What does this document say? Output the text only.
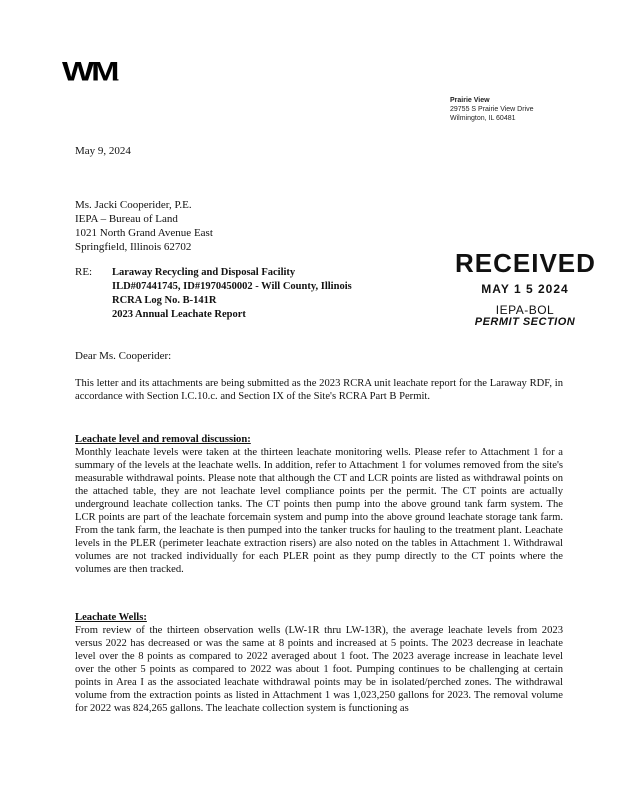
WM.
Prairie View
29755 S Prairie View Drive
Wilmington, IL 60481
May 9, 2024
Ms. Jacki Cooperider, P.E.
IEPA – Bureau of Land
1021 North Grand Avenue East
Springfield, Illinois 62702
RE: Laraway Recycling and Disposal Facility
ILD#07441745, ID#1970450002 - Will County, Illinois
RCRA Log No. B-141R
2023 Annual Leachate Report
RECEIVED
MAY 1 5 2024
IEPA-BOL
PERMIT SECTION
Dear Ms. Cooperider:
This letter and its attachments are being submitted as the 2023 RCRA unit leachate report for the Laraway RDF, in accordance with Section I.C.10.c. and Section IX of the Site's RCRA Part B Permit.
Leachate level and removal discussion:
Monthly leachate levels were taken at the thirteen leachate monitoring wells. Please refer to Attachment 1 for a summary of the levels at the leachate wells. In addition, refer to Attachment 1 for volumes removed from the site's measurable withdrawal points. Please note that although the CT and LCR points are listed as withdrawal points on the attached table, they are not leachate level compliance points per the permit. The CT points are actually underground leachate collection tanks. The CT points then pump into the above ground tank farm system. The LCR points are part of the leachate forcemain system and pump into the above ground leachate storage tank farm. From the tank farm, the leachate is then pumped into the tanker trucks for hauling to the treatment plant. Leachate levels in the PLER (perimeter leachate extraction risers) are also noted on the tables in Attachment 1. Withdrawal volumes are not tracked individually for each PLER point as they pump directly to the CT points where the volumes are then tracked.
Leachate Wells:
From review of the thirteen observation wells (LW-1R thru LW-13R), the average leachate levels from 2023 versus 2022 has decreased or was the same at 8 points and increased at 5 points. The 2023 decrease in leachate level over the 8 points as compared to 2022 averaged about 1 foot. The 2023 average increase in leachate level over the other 5 points as compared to 2022 was about 1 foot. Pumping continues to be challenging at certain points in Area I as the associated leachate withdrawal points may be in isolated/perched zones. The withdrawal volume from the extraction points as listed in Attachment 1 was 1,023,250 gallons for 2023. The removal volume for 2022 was 824,265 gallons. The leachate collection system is functioning as
